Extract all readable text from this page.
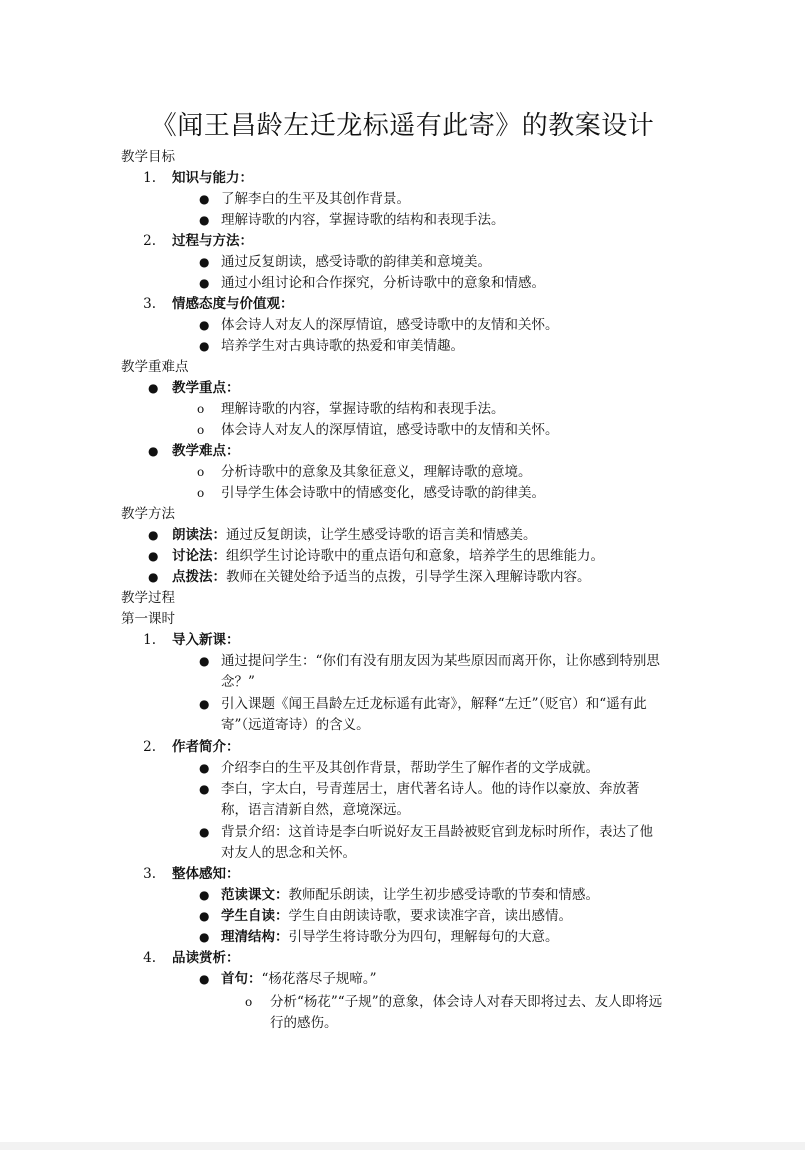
《闻王昌龄左迁龙标遥有此寄》的教案设计
教学目标
1. 知识与能力：
● 了解李白的生平及其创作背景。
● 理解诗歌的内容，掌握诗歌的结构和表现手法。
2. 过程与方法：
● 通过反复朗读，感受诗歌的韵律美和意境美。
● 通过小组讨论和合作探究，分析诗歌中的意象和情感。
3. 情感态度与价值观：
● 体会诗人对友人的深厚情谊，感受诗歌中的友情和关怀。
● 培养学生对古典诗歌的热爱和审美情趣。
教学重难点
● 教学重点：
o 理解诗歌的内容，掌握诗歌的结构和表现手法。
o 体会诗人对友人的深厚情谊，感受诗歌中的友情和关怀。
● 教学难点：
o 分析诗歌中的意象及其象征意义，理解诗歌的意境。
o 引导学生体会诗歌中的情感变化，感受诗歌的韵律美。
教学方法
● 朗读法：通过反复朗读，让学生感受诗歌的语言美和情感美。
● 讨论法：组织学生讨论诗歌中的重点语句和意象，培养学生的思维能力。
● 点拨法：教师在关键处给予适当的点拨，引导学生深入理解诗歌内容。
教学过程
第一课时
1. 导入新课：
● 通过提问学生：“你们有没有朋友因为某些原因而离开你，让你感到特别思
念？”
● 引入课题《闻王昌龄左迁龙标遥有此寄》，解释“左迁”（贬官）和“遥有此
寄”（远道寄诗）的含义。
2. 作者简介：
● 介绍李白的生平及其创作背景，帮助学生了解作者的文学成就。
● 李白，字太白，号青莲居士，唐代著名诗人。他的诗作以豪放、奔放著
称，语言清新自然，意境深远。
● 背景介绍：这首诗是李白听说好友王昌龄被贬官到龙标时所作，表达了他
对友人的思念和关怀。
3. 整体感知：
● 范读课文：教师配乐朗读，让学生初步感受诗歌的节奏和情感。
● 学生自读：学生自由朗读诗歌，要求读准字音，读出感情。
● 理清结构：引导学生将诗歌分为四句，理解每句的大意。
4. 品读赏析：
● 首句：“杨花落尽子规啼。”
o 分析“杨花”“子规”的意象，体会诗人对春天即将过去、友人即将远
行的感伤。
